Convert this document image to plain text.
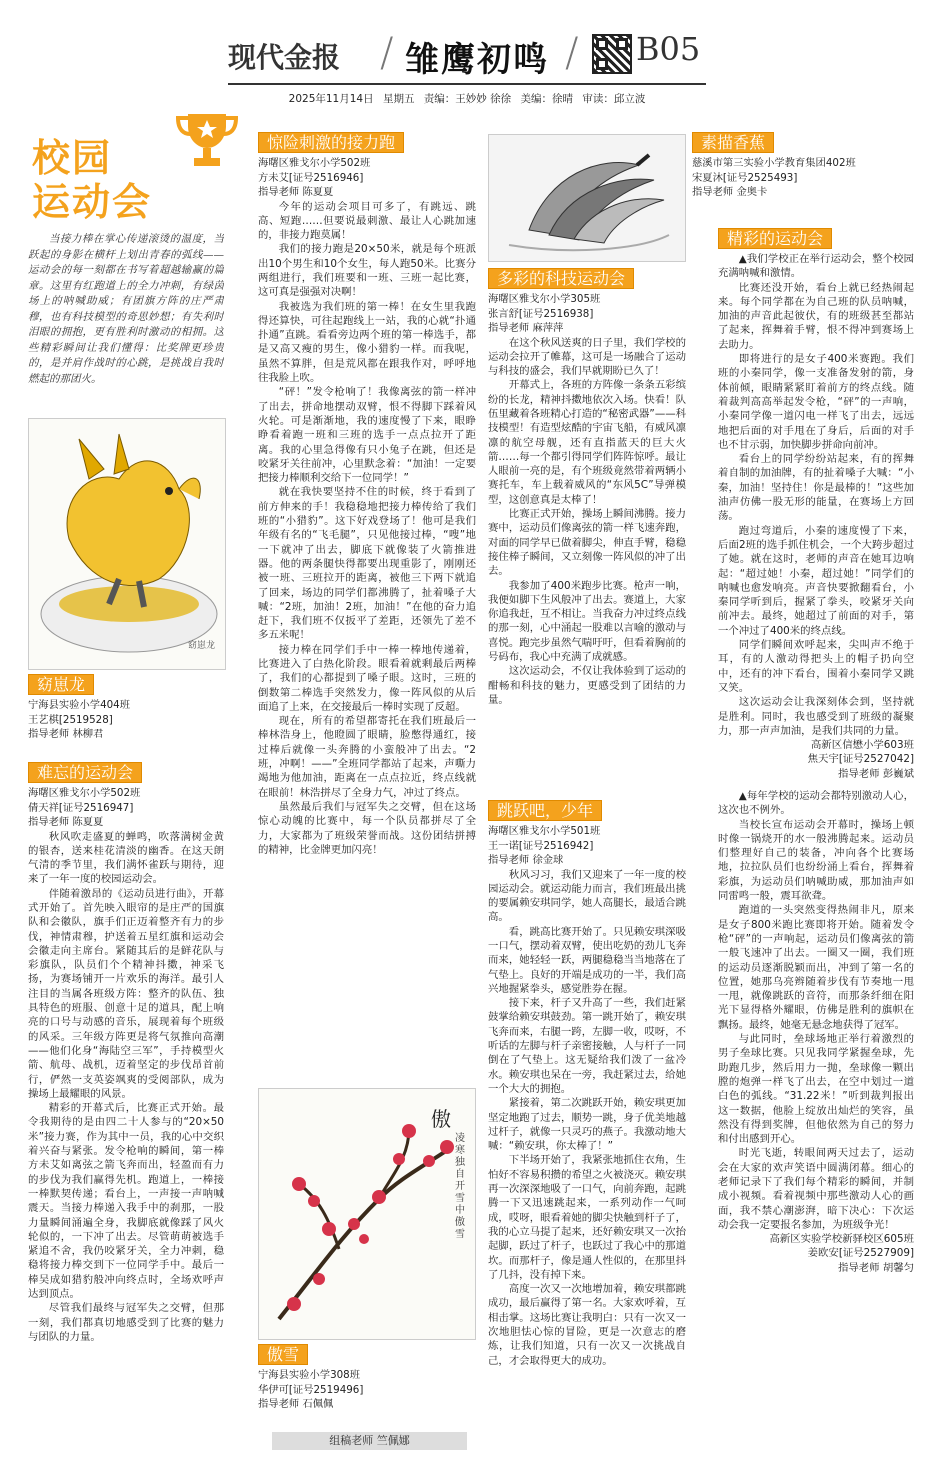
现代金报 / 雏鹰初鸣 / B05
2025年11月14日 星期五 责编：王妙妙 徐徐 美编：徐晴 审读：邱立波
校园
运动会

当接力棒在掌心传递滚烫的温度，当跃起的身影在横杆上划出青春的弧线——运动会的每一刻都在书写着超越输赢的篇章。这里有红跑道上的全力冲刺，有绿茵场上的呐喊助威；有团旗方阵的庄严肃穆，也有科技模型的奇思妙想；有失利时泪眼的拥抱，更有胜利时激动的相拥。这些精彩瞬间让我们懂得：比奖牌更珍贵的，是并肩作战时的心跳，是挑战自我时燃起的那团火。

窈崽龙
窈崽龙
宁海县实验小学404班
王艺棋[2519528]
指导老师 林柳君
难忘的运动会
海曙区雅戈尔小学502班
倩天祥[证号2516947]
指导老师 陈夏夏

秋风吹走盛夏的蝉鸣，吹落满树金黄的银杏，送来桂花清淡的幽香。在这天朗气清的季节里，我们满怀雀跃与期待，迎来了一年一度的校园运动会。

伴随着激昂的《运动员进行曲》，开幕式开始了。首先映入眼帘的是庄严的国旗队和会徽队，旗手们正迈着整齐有力的步伐，神情肃穆，护送着五星红旗和运动会会徽走向主席台。紧随其后的是鲜花队与彩旗队，队员们个个精神抖擞，神采飞扬，为赛场铺开一片欢乐的海洋。最引人注目的当属各班级方阵：整齐的队伍、独具特色的班服、创意十足的道具，配上响亮的口号与动感的音乐，展现着每个班级的风采。三年级方阵更是将气氛推向高潮——他们化身“海陆空三军”，手持模型火箭、航母、战机，迈着坚定的步伐昂首前行，俨然一支英姿飒爽的受阅部队，成为操场上最耀眼的风景。

精彩的开幕式后，比赛正式开始。最令我期待的是由四二十人参与的“20×50米”接力赛，作为其中一员，我的心中交织着兴奋与紧张。发令枪响的瞬间，第一棒方未艾如离弦之箭飞奔而出，轻盈而有力的步伐为我们赢得先机。跑道上，一棒接一棒默契传递；看台上，一声接一声呐喊震天。当接力棒递入我手中的刹那，一股力量瞬间涌遍全身，我脚底就像踩了风火轮似的，一下冲了出去。尽管萌萌被选手紧追不舍，我仍咬紧牙关，全力冲刺，稳稳将接力棒交到下一位同学手中。最后一棒吴成如猎豹般冲向终点时，全场欢呼声达到顶点。

尽管我们最终与冠军失之交臂，但那一刻，我们都真切地感受到了比赛的魅力与团队的力量。

惊险刺激的接力跑
海曙区雅戈尔小学502班
方未艾[证号2516946]
指导老师 陈夏夏

今年的运动会项目可多了，有跳远、跳高、短跑……但要说最刺激、最让人心跳加速的，非接力跑莫属！

我们的接力跑是20×50米，就是每个班派出10个男生和10个女生，每人跑50米。比赛分两组进行，我们班要和一班、三班一起比赛，这可真是强强对决啊！

我被选为我们班的第一棒！在女生里我跑得还算快，可往起跑线上一站，我的心就“扑通扑通”直跳。看看旁边两个班的第一棒选手，都是又高又瘦的男生，像小猎豹一样。而我呢，虽然不算胖，但是荒风都在跟我作对，呼呼地往我脸上吹。

“砰！”发令枪响了！我像离弦的箭一样冲了出去，拼命地摆动双臂，恨不得脚下踩着风火轮。可是渐渐地，我的速度慢了下来，眼睁睁看着跑一班和三班的选手一点点拉开了距离。我的心里急得像有只小兔子在跳，但还是咬紧牙关往前冲，心里默念着：“加油！一定要把接力棒顺利交给下一位同学！”

就在我快要坚持不住的时候，终于看到了前方伸来的手！我稳稳地把接力棒传给了我们班的“小猎豹”。这下好戏登场了！他可是我们年级有名的“飞毛腿”，只见他接过棒，“嗖”地一下就冲了出去，脚底下就像装了火箭推进器。他的两条腿快得都要出现重影了，刚刚还被一班、三班拉开的距离，被他三下两下就追了回来，场边的同学们都沸腾了，扯着嗓子大喊：“2班，加油！2班，加油！”在他的奋力追赶下，我们班不仅扳平了差距，还领先了差不多五米呢！

接力棒在同学们手中一棒一棒地传递着，比赛进入了白热化阶段。眼看着就剩最后两棒了，我们的心都提到了嗓子眼。这时，三班的倒数第二棒选手突然发力，像一阵风似的从后面追了上来，在交接最后一棒时实现了反超。

现在，所有的希望都寄托在我们班最后一棒林浩身上，他瞪圆了眼睛，脸憋得通红，接过棒后就像一头奔腾的小蛮般冲了出去。“2班，冲啊！——”全班同学都站了起来，声嘶力竭地为他加油，距离在一点点拉近，终点线就在眼前！林浩拼尽了全身力气，冲过了终点。

虽然最后我们与冠军失之交臂，但在这场惊心动魄的比赛中，每一个队员都拼尽了全力，大家都为了班级荣誉而战。这份团结拼搏的精神，比金牌更加闪亮！

傲
凌寒独自开 雪中傲雪
傲雪
宁海县实验小学308班
华伊可[证号2519496]
指导老师 石佩佩
组稿老师 竺佩娜
素描香蕉
慈溪市第三实验小学教育集团402班
宋夏沐[证号2525493]
指导老师 金奥卡
多彩的科技运动会
海曙区雅戈尔小学305班
张言舒[证号2516938]
指导老师 麻萍萍

在这个秋风送爽的日子里，我们学校的运动会拉开了帷幕，这可是一场融合了运动与科技的盛会，我们早就期盼已久了！

开幕式上，各班的方阵像一条条五彩缤纷的长龙，精神抖擞地依次入场。快看！队伍里藏着各班精心打造的“秘密武器”——科技模型！有造型炫酷的宇宙飞船，有威风凛凛的航空母舰，还有直指蓝天的巨大火箭……每一个都引得同学们阵阵惊呼。最让人眼前一亮的是，有个班级竟然带着两辆小赛托车，车上载着威风的“东风5C”导弹模型，这创意真是太棒了！

比赛正式开始，操场上瞬间沸腾。接力赛中，运动员们像离弦的箭一样飞速奔跑，对面的同学早已做着脚尖，伸直手臂，稳稳接住棒子瞬间，又立刻像一阵风似的冲了出去。

我参加了400米跑步比赛。枪声一响，我便如脚下生风般冲了出去。赛道上，大家你追我赶，互不相让。当我奋力冲过终点线的那一刻，心中涌起一股难以言喻的激动与喜悦。跑完步虽然气喘吁吁，但看着胸前的号码布，我心中充满了成就感。

这次运动会，不仅让我体验到了运动的酣畅和科技的魅力，更感受到了团结的力量。

跳跃吧，少年
海曙区雅戈尔小学501班
王一诺[证号2516942]
指导老师 徐金球

秋风习习，我们又迎来了一年一度的校园运动会。就运动能力而言，我们班最出挑的要属赖安琪同学，她人高腿长，最适合跳高。

看，跳高比赛开始了。只见赖安琪深吸一口气，摆动着双臂，使出吃奶的劲儿飞奔而来，她轻轻一跃，两腿稳稳当当地落在了气垫上。良好的开端是成功的一半，我们高兴地握紧拳头，感觉胜券在握。

接下来，杆子又升高了一些，我们赶紧鼓掌给赖安琪鼓劲。第一跳开始了，赖安琪飞奔而来，右腿一跨，左脚一收，哎呀，不听话的左脚与杆子亲密接触，人与杆子一同倒在了气垫上。这无疑给我们泼了一盆冷水。赖安琪也呆在一旁，我赶紧过去，给她一个大大的拥抱。

紧接着，第二次跳跃开始，赖安琪更加坚定地跑了过去，顺势一跳，身子优美地越过杆子，就像一只灵巧的燕子。我激动地大喊：“赖安琪，你太棒了！”

下半场开始了，我紧张地抓住衣角，生怕好不容易积攒的希望之火被浇灭。赖安琪再一次深深地吸了一口气，向前奔跑，起跳腾一下又迅速跳起来，一系列动作一气呵成，哎呀，眼看着她的脚尖快触到杆子了，我的心立马提了起来，还好赖安琪又一次抬起脚，跃过了杆子，也跃过了我心中的那道坎。而那杆子，像是通人性似的，在那里抖了几抖，没有掉下来。

高度一次又一次地增加着，赖安琪都跳成功，最后赢得了第一名。大家欢呼着，互相击掌。这场比赛让我明白：只有一次又一次地胆怯心惊的冒险，更是一次意志的磨炼，让我们知道，只有一次又一次挑战自己，才会取得更大的成功。

精彩的运动会

▲我们学校正在举行运动会，整个校园充满呐喊和激情。

比赛还没开始，看台上就已经热闹起来。每个同学都在为自己班的队员呐喊，加油的声音此起彼伏，有的班级甚至都站了起来，挥舞着手臂，恨不得冲到赛场上去助力。

即将进行的是女子400米赛跑。我们班的小秦同学，像一支准备发射的箭，身体前倾，眼睛紧紧盯着前方的终点线。随着裁判高高举起发令枪，“砰”的一声响，小秦同学像一道闪电一样飞了出去，远远地把后面的对手甩在了身后，后面的对手也不甘示弱，加快脚步拼命向前冲。

看台上的同学纷纷站起来，有的挥舞着自制的加油牌，有的扯着嗓子大喊：“小秦，加油！坚持住！你是最棒的！”这些加油声仿佛一股无形的能量，在赛场上方回荡。

跑过弯道后，小秦的速度慢了下来，后面2班的选手抓住机会，一个大跨步超过了她。就在这时，老师的声音在她耳边响起：“超过她！小秦，超过她！”同学们的呐喊也愈发响亮。声音快要掀翻看台，小秦同学听到后，握紧了拳头，咬紧牙关向前冲去。最终，她超过了前面的对手，第一个冲过了400米的终点线。

同学们瞬间欢呼起来，尖叫声不绝于耳，有的人激动得把头上的帽子扔向空中，还有的冲下看台，围着小秦同学又跳又笑。

这次运动会让我深刻体会到，坚持就是胜利。同时，我也感受到了班级的凝聚力，那一声声加油，是我们共同的力量。

高新区信懋小学603班

焦天宇[证号2527042]

指导老师 彭巍斌

▲每年学校的运动会都特别激动人心，这次也不例外。

当校长宣布运动会开幕时，操场上顿时像一锅烧开的水一般沸腾起来。运动员们整理好自己的装备，冲向各个比赛场地，拉拉队员们也纷纷涌上看台，挥舞着彩旗，为运动员们呐喊助威，那加油声如同雷鸣一般，震耳欲聋。

跑道的一头突然变得热闹非凡，原来是女子800米跑比赛即将开始。随着发令枪“砰”的一声响起，运动员们像离弦的箭一般飞速冲了出去。一圈又一圈，我们班的运动员逐渐脱颖而出，冲到了第一名的位置，她那乌亮辫随着步伐有节奏地一甩一甩，就像跳跃的音符，而那条纤细在阳光下显得格外耀眼，仿佛是胜利的旗帜在飘扬。最终，她毫无悬念地获得了冠军。

与此同时，垒球场地正举行着激烈的男子垒球比赛。只见我同学紧握垒球，先助跑几步，然后用力一抛，垒球像一颗出膛的炮弹一样飞了出去，在空中划过一道白色的弧线。“31.22米！”听到裁判报出这一数据，他脸上绽放出灿烂的笑容，虽然没有得到奖牌，但他依然为自己的努力和付出感到开心。

时光飞逝，转眼间两天过去了，运动会在大家的欢声笑语中圆满闭幕。细心的老师记录下了我们每个精彩的瞬间，并制成小视频。看着视频中那些激动人心的画面，我不禁心潮澎湃，暗下决心：下次运动会我一定要报名参加，为班级争光！

高新区实验学校新驿校区605班

姜欧安[证号2527909]

指导老师 胡馨匀
